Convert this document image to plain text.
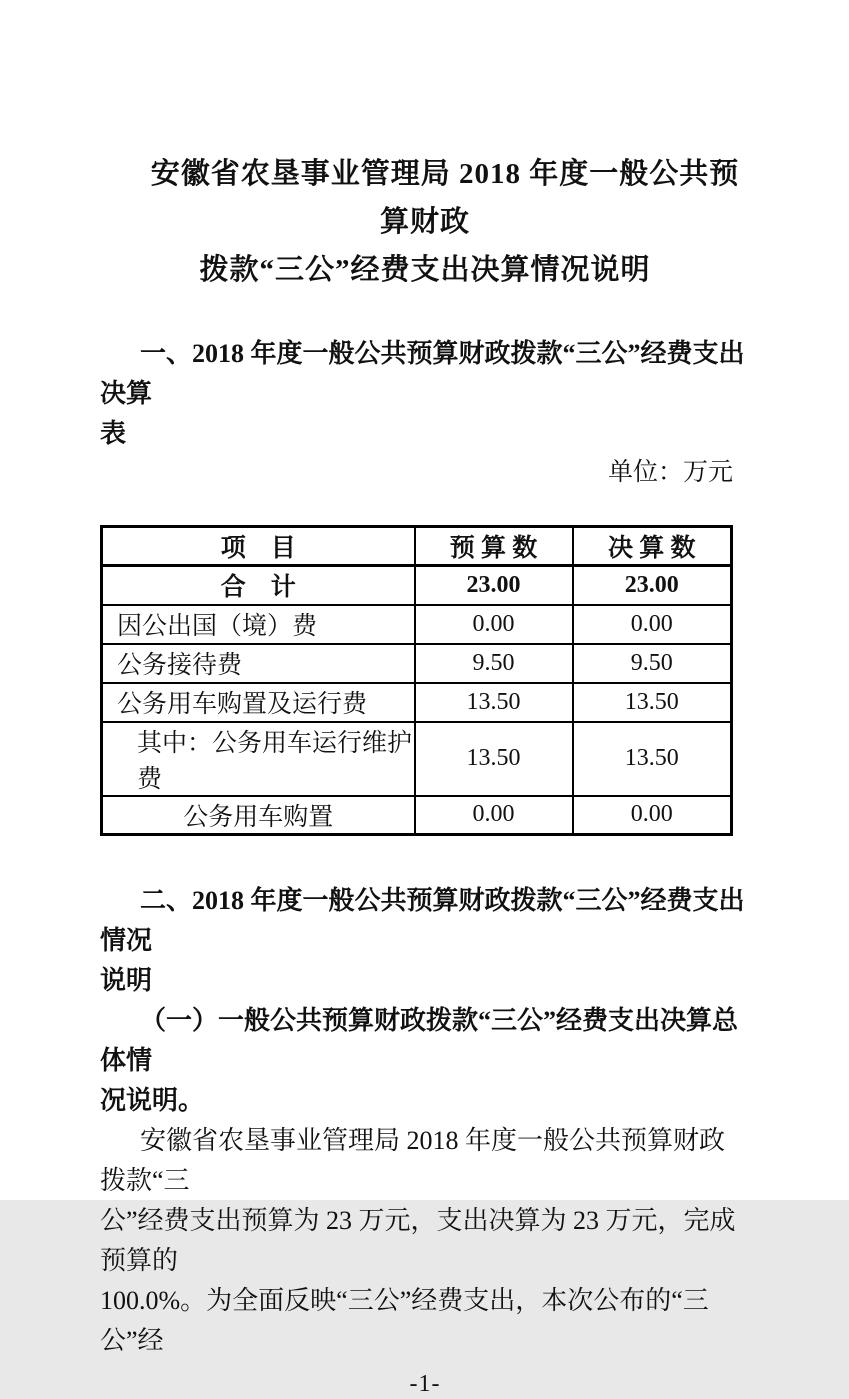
安徽省农垦事业管理局 2018 年度一般公共预算财政
拨款“三公”经费支出决算情况说明
一、2018 年度一般公共预算财政拨款“三公”经费支出决算
表
单位：万元
项　目	预 算 数	决 算 数
合　计	23.00	23.00
因公出国（境）费	0.00	0.00
公务接待费	9.50	9.50
公务用车购置及运行费	13.50	13.50
其中：公务用车运行维护费	13.50	13.50
公务用车购置	0.00	0.00
二、2018 年度一般公共预算财政拨款“三公”经费支出情况
说明
（一）一般公共预算财政拨款“三公”经费支出决算总体情
况说明。
安徽省农垦事业管理局 2018 年度一般公共预算财政拨款“三
公”经费支出预算为 23 万元，支出决算为 23 万元，完成预算的
100.0%。为全面反映“三公”经费支出，本次公布的“三公”经
-1-
